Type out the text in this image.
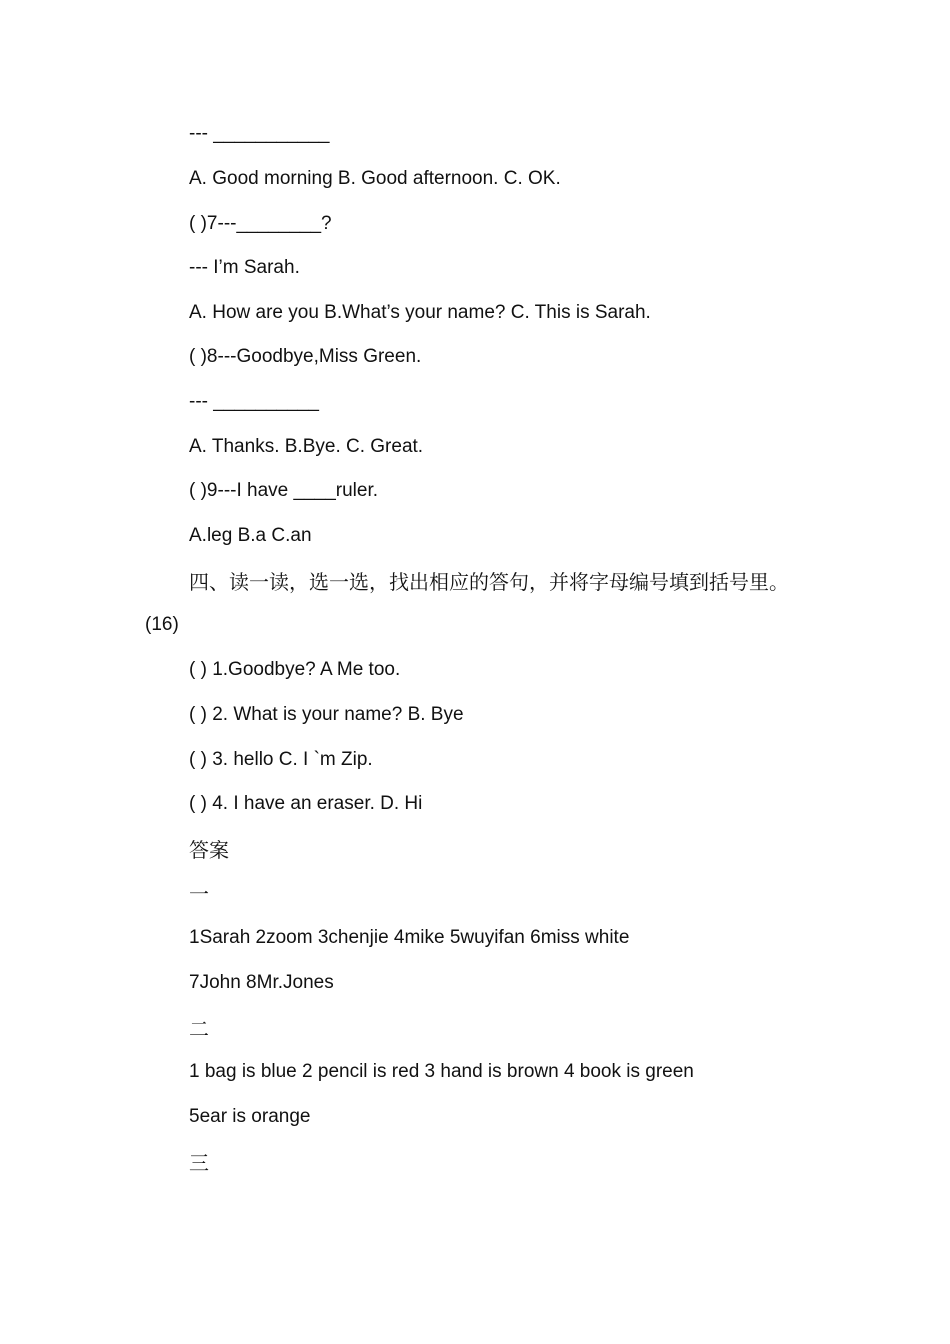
--- ___________
A. Good morning B. Good afternoon. C. OK.
( )7---________?
--- I’m Sarah.
A. How are you B.What’s your name? C. This is Sarah.
( )8---Goodbye,Miss Green.
--- __________
A. Thanks. B.Bye. C. Great.
( )9---I have ____ruler.
A.leg B.a C.an
四、读一读，选一选，找出相应的答句，并将字母编号填到括号里。
(16)
( ) 1.Goodbye? A Me too.
( ) 2. What is your name? B. Bye
( ) 3. hello C. I `m Zip.
( ) 4. I have an eraser. D. Hi
答案
一
1Sarah 2zoom 3chenjie 4mike 5wuyifan 6miss white
7John 8Mr.Jones
二
1 bag is blue 2 pencil is red 3 hand is brown 4 book is green
5ear is orange
三
